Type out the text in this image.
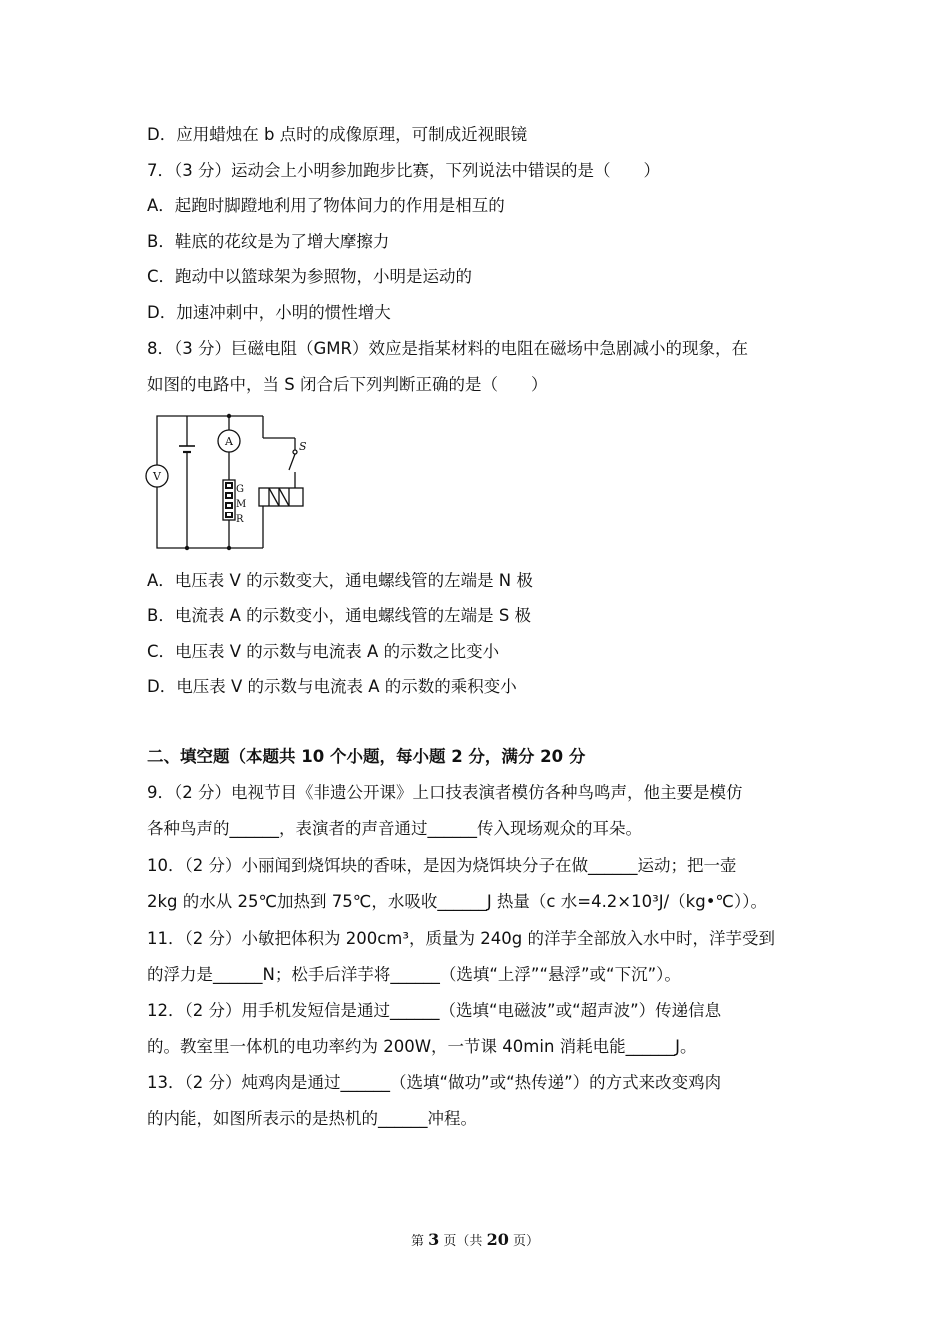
D．应用蜡烛在 b 点时的成像原理，可制成近视眼镜
7．（3 分）运动会上小明参加跑步比赛，下列说法中错误的是（　　）
A．起跑时脚蹬地利用了物体间力的作用是相互的
B．鞋底的花纹是为了增大摩擦力
C．跑动中以篮球架为参照物，小明是运动的
D．加速冲刺中，小明的惯性增大
8．（3 分）巨磁电阻（GMR）效应是指某材料的电阻在磁场中急剧减小的现象，在
如图的电路中，当 S 闭合后下列判断正确的是（　　）
V
A	S
G
M
R
A．电压表 V 的示数变大，通电螺线管的左端是 N 极
B．电流表 A 的示数变小，通电螺线管的左端是 S 极
C．电压表 V 的示数与电流表 A 的示数之比变小
D．电压表 V 的示数与电流表 A 的示数的乘积变小
二、填空题（本题共 10 个小题，每小题 2 分，满分 20 分
9．（2 分）电视节目《非遗公开课》上口技表演者模仿各种鸟鸣声，他主要是模仿
各种鸟声的______，表演者的声音通过______传入现场观众的耳朵。
10．（2 分）小丽闻到烧饵块的香味，是因为烧饵块分子在做______运动；把一壶
2kg 的水从 25℃加热到 75℃，水吸收______J 热量（c 水=4.2×10³J/（kg•℃））。
11．（2 分）小敏把体积为 200cm³，质量为 240g 的洋芋全部放入水中时，洋芋受到
的浮力是______N；松手后洋芋将______（选填“上浮”“悬浮”或“下沉”）。
12．（2 分）用手机发短信是通过______（选填“电磁波”或“超声波”）传递信息
的。教室里一体机的电功率约为 200W，一节课 40min 消耗电能______J。
13．（2 分）炖鸡肉是通过______（选填“做功”或“热传递”）的方式来改变鸡肉
的内能，如图所表示的是热机的______冲程。
第 3 页（共 20 页）
